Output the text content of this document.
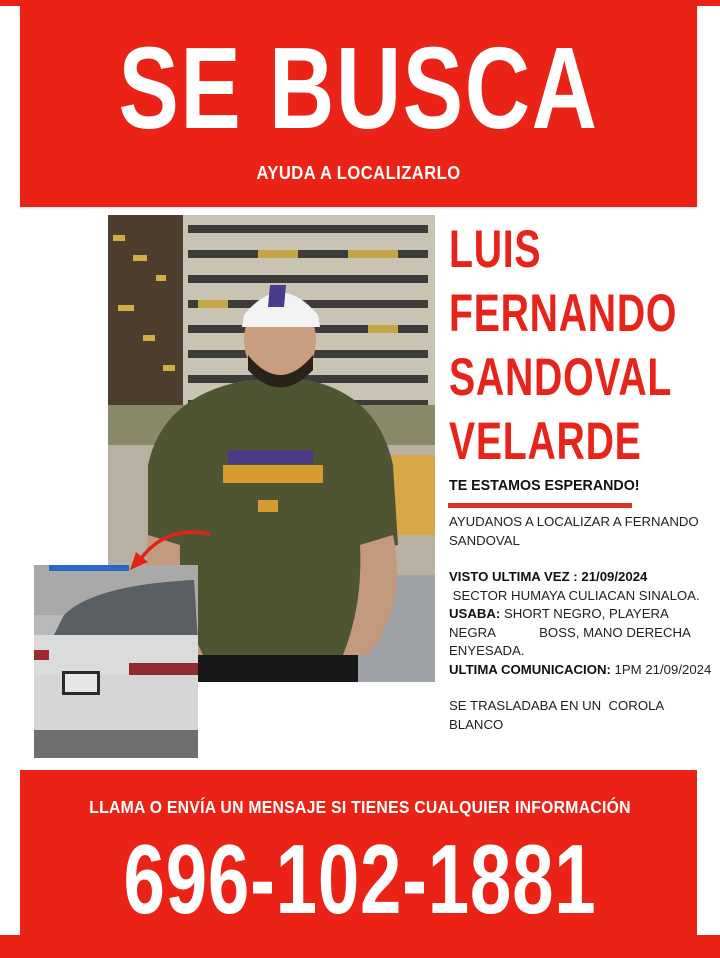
SE BUSCA
AYUDA A LOCALIZARLO
LUIS
FERNANDO
SANDOVAL
VELARDE
TE ESTAMOS ESPERANDO!
AYUDANOS A LOCALIZAR A FERNANDO SANDOVAL
VISTO ULTIMA VEZ : 21/09/2024
SECTOR HUMAYA CULIACAN SINALOA.
USABA: SHORT NEGRO, PLAYERA NEGRA            BOSS, MANO DERECHA ENYESADA.
ULTIMA COMUNICACION: 1PM 21/09/2024
SE TRASLADABA EN UN  COROLA BLANCO
LLAMA O ENVÍA UN MENSAJE SI TIENES CUALQUIER INFORMACIÓN
696-102-1881
